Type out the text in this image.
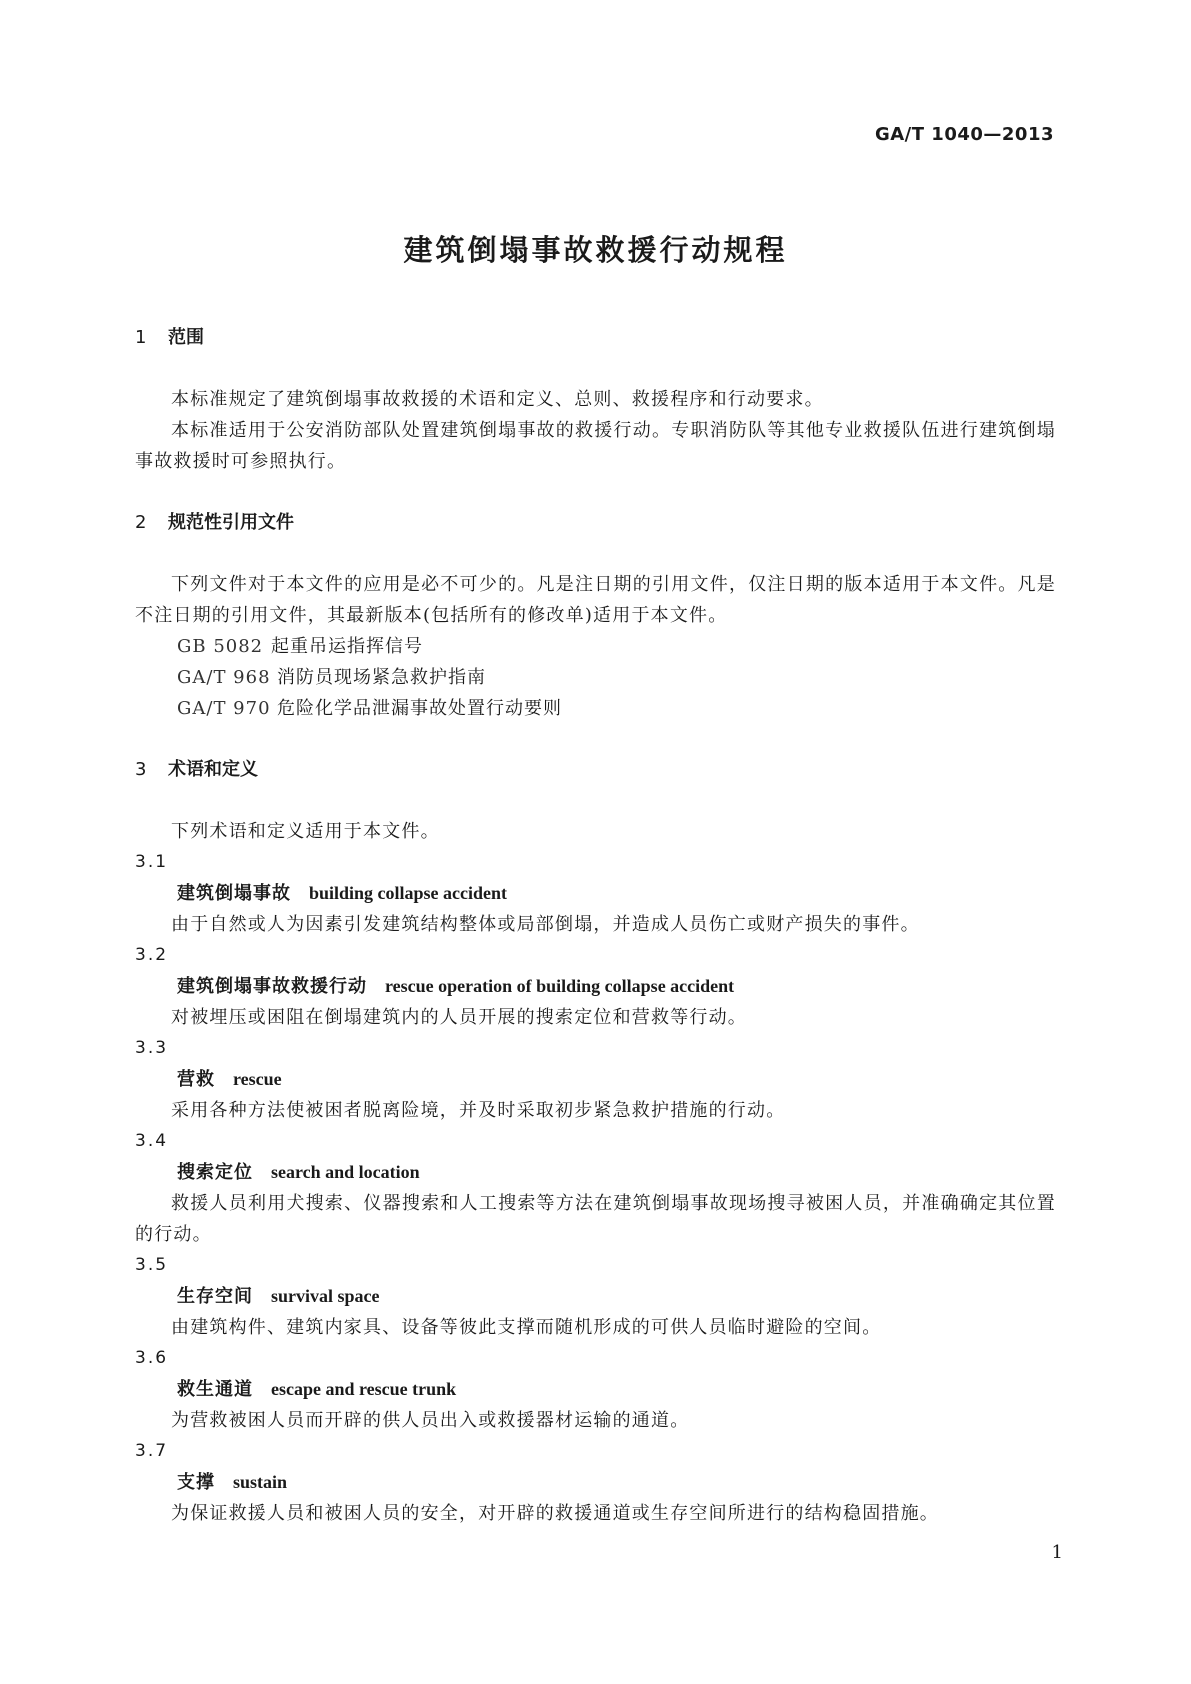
GA/T 1040—2013
建筑倒塌事故救援行动规程
1 范围

本标准规定了建筑倒塌事故救援的术语和定义、总则、救援程序和行动要求。

本标准适用于公安消防部队处置建筑倒塌事故的救援行动。专职消防队等其他专业救援队伍进行建筑倒塌事故救援时可参照执行。

2 规范性引用文件

下列文件对于本文件的应用是必不可少的。凡是注日期的引用文件，仅注日期的版本适用于本文件。凡是不注日期的引用文件，其最新版本(包括所有的修改单)适用于本文件。

GB 5082 起重吊运指挥信号
GA/T 968 消防员现场紧急救护指南
GA/T 970 危险化学品泄漏事故处置行动要则
3 术语和定义

下列术语和定义适用于本文件。

3.1
建筑倒塌事故 building collapse accident

由于自然或人为因素引发建筑结构整体或局部倒塌，并造成人员伤亡或财产损失的事件。

3.2
建筑倒塌事故救援行动 rescue operation of building collapse accident

对被埋压或困阻在倒塌建筑内的人员开展的搜索定位和营救等行动。

3.3
营救 rescue

采用各种方法使被困者脱离险境，并及时采取初步紧急救护措施的行动。

3.4
搜索定位 search and location

救援人员利用犬搜索、仪器搜索和人工搜索等方法在建筑倒塌事故现场搜寻被困人员，并准确确定其位置的行动。

3.5
生存空间 survival space

由建筑构件、建筑内家具、设备等彼此支撑而随机形成的可供人员临时避险的空间。

3.6
救生通道 escape and rescue trunk

为营救被困人员而开辟的供人员出入或救援器材运输的通道。

3.7
支撑 sustain

为保证救援人员和被困人员的安全，对开辟的救援通道或生存空间所进行的结构稳固措施。

1
